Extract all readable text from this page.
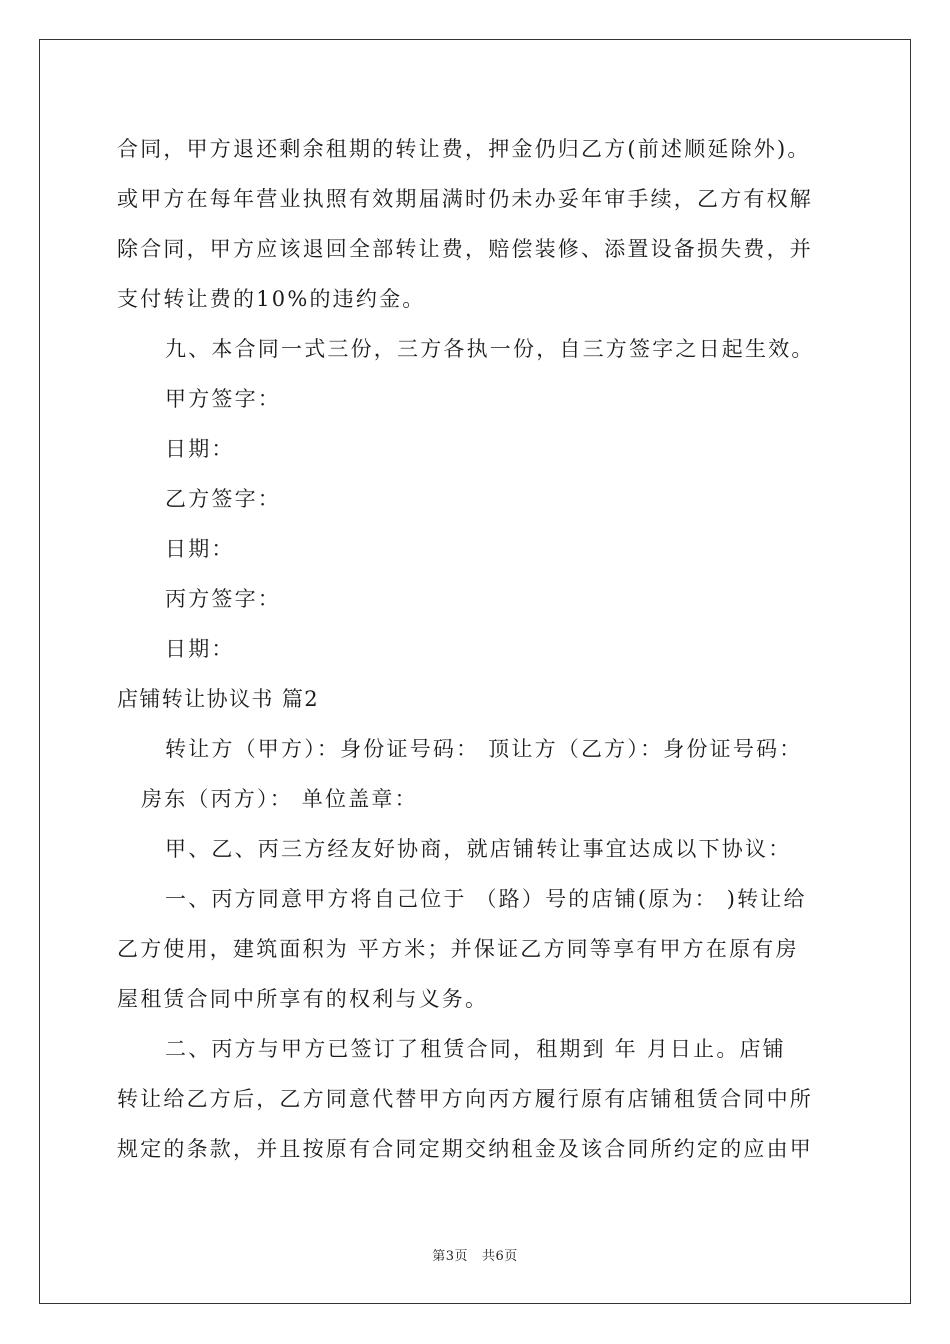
合同，甲方退还剩余租期的转让费，押金仍归乙方(前述顺延除外)。
或甲方在每年营业执照有效期届满时仍未办妥年审手续，乙方有权解
除合同，甲方应该退回全部转让费，赔偿装修、添置设备损失费，并
支付转让费的10%的违约金。
九、本合同一式三份，三方各执一份，自三方签字之日起生效。
甲方签字：
日期：
乙方签字：
日期：
丙方签字：
日期：
店铺转让协议书 篇2
转让方（甲方）：身份证号码： 顶让方（乙方）：身份证号码：
房东（丙方）： 单位盖章：
甲、乙、丙三方经友好协商，就店铺转让事宜达成以下协议：
一、丙方同意甲方将自己位于 （路）号的店铺(原为： )转让给
乙方使用，建筑面积为 平方米；并保证乙方同等享有甲方在原有房
屋租赁合同中所享有的权利与义务。
二、丙方与甲方已签订了租赁合同，租期到 年 月日止。店铺
转让给乙方后，乙方同意代替甲方向丙方履行原有店铺租赁合同中所
规定的条款，并且按原有合同定期交纳租金及该合同所约定的应由甲
第3页 共6页
